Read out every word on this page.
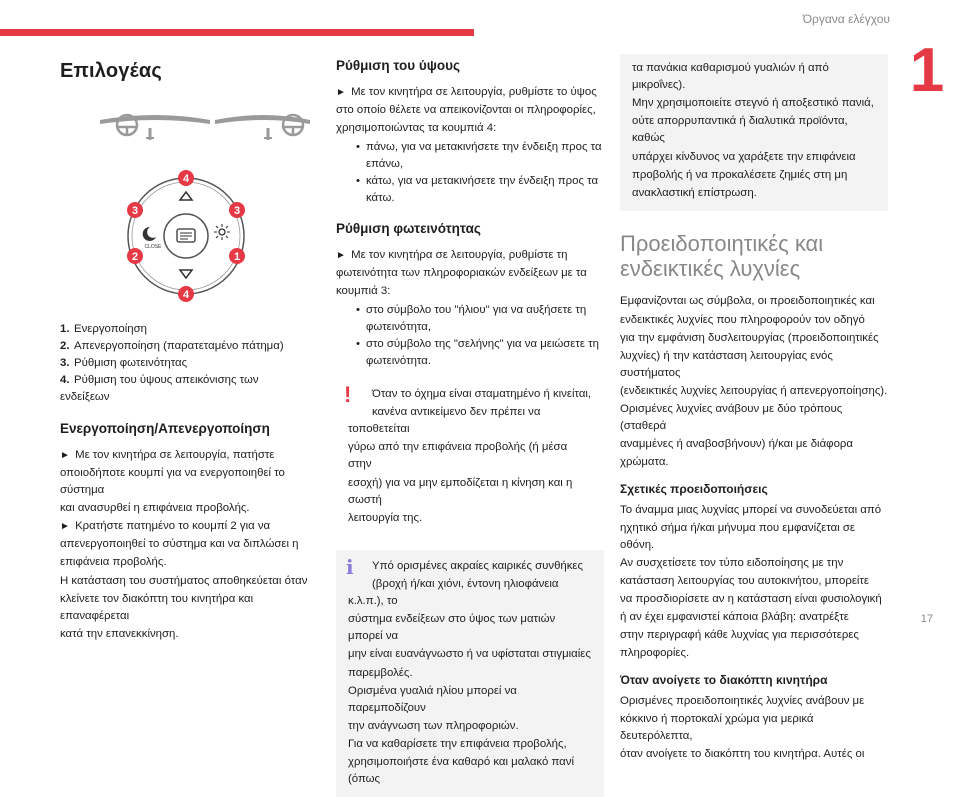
Όργανα ελέγχου
1
17
Επιλογέας
4
3	3
2	1
4
CLOSE
1. Ενεργοποίηση
2. Απενεργοποίηση (παρατεταμένο πάτημα)
3. Ρύθμιση φωτεινότητας
4. Ρύθμιση του ύψους απεικόνισης των ενδείξεων
Ενεργοποίηση/Απενεργοποίηση

► Με τον κινητήρα σε λειτουργία, πατήστε

οποιοδήποτε κουμπί για να ενεργοποιηθεί το σύστημα

και ανασυρθεί η επιφάνεια προβολής.

► Κρατήστε πατημένο το κουμπί 2 για να

απενεργοποιηθεί το σύστημα και να διπλώσει η

επιφάνεια προβολής.

Η κατάσταση του συστήματος αποθηκεύεται όταν

κλείνετε τον διακόπτη του κινητήρα και επαναφέρεται

κατά την επανεκκίνηση.

Ρύθμιση του ύψους

► Με τον κινητήρα σε λειτουργία, ρυθμίστε το ύψος

στο οποίο θέλετε να απεικονίζονται οι πληροφορίες,

χρησιμοποιώντας τα κουμπιά 4:

• πάνω, για να μετακινήσετε την ένδειξη προς τα επάνω,
• κάτω, για να μετακινήσετε την ένδειξη προς τα κάτω.
Ρύθμιση φωτεινότητας

► Με τον κινητήρα σε λειτουργία, ρυθμίστε τη

φωτεινότητα των πληροφοριακών ενδείξεων με τα

κουμπιά 3:

• στο σύμβολο του "ήλιου" για να αυξήσετε τη φωτεινότητα,
• στο σύμβολο της "σελήνης" για να μειώσετε τη φωτεινότητα.
!	Όταν το όχημα είναι σταματημένο ή κινείται,

κανένα αντικείμενο δεν πρέπει να τοποθετείται

γύρω από την επιφάνεια προβολής (ή μέσα στην

εσοχή) για να μην εμποδίζεται η κίνηση και η σωστή

λειτουργία της.

i	Υπό ορισμένες ακραίες καιρικές συνθήκες

(βροχή ή/και χιόνι, έντονη ηλιοφάνεια κ.λ.π.), το

σύστημα ενδείξεων στο ύψος των ματιών μπορεί να

μην είναι ευανάγνωστο ή να υφίσταται στιγμιαίες

παρεμβολές.

Ορισμένα γυαλιά ηλίου μπορεί να παρεμποδίζουν

την ανάγνωση των πληροφοριών.

Για να καθαρίσετε την επιφάνεια προβολής,

χρησιμοποιήστε ένα καθαρό και μαλακό πανί (όπως

τα πανάκια καθαρισμού γυαλιών ή από μικροΐνες).

Μην χρησιμοποιείτε στεγνό ή αποξεστικό πανιά,

ούτε απορρυπαντικά ή διαλυτικά προϊόντα, καθώς

υπάρχει κίνδυνος να χαράξετε την επιφάνεια

προβολής ή να προκαλέσετε ζημιές στη μη

ανακλαστική επίστρωση.

Προειδοποιητικές και
ενδεικτικές λυχνίες

Εμφανίζονται ως σύμβολα, οι προειδοποιητικές και

ενδεικτικές λυχνίες που πληροφορούν τον οδηγό

για την εμφάνιση δυσλειτουργίας (προειδοποιητικές

λυχνίες) ή την κατάσταση λειτουργίας ενός συστήματος

(ενδεικτικές λυχνίες λειτουργίας ή απενεργοποίησης).

Ορισμένες λυχνίες ανάβουν με δύο τρόπους (σταθερά

αναμμένες ή αναβοσβήνουν) ή/και με διάφορα

χρώματα.

Σχετικές προειδοποιήσεις

Το άναμμα μιας λυχνίας μπορεί να συνοδεύεται από

ηχητικό σήμα ή/και μήνυμα που εμφανίζεται σε οθόνη.

Αν συσχετίσετε τον τύπο ειδοποίησης με την

κατάσταση λειτουργίας του αυτοκινήτου, μπορείτε

να προσδιορίσετε αν η κατάσταση είναι φυσιολογική

ή αν έχει εμφανιστεί κάποια βλάβη: ανατρέξτε

στην περιγραφή κάθε λυχνίας για περισσότερες

πληροφορίες.

Όταν ανοίγετε το διακόπτη κινητήρα

Ορισμένες προειδοποιητικές λυχνίες ανάβουν με

κόκκινο ή πορτοκαλί χρώμα για μερικά δευτερόλεπτα,

όταν ανοίγετε το διακόπτη του κινητήρα. Αυτές οι
